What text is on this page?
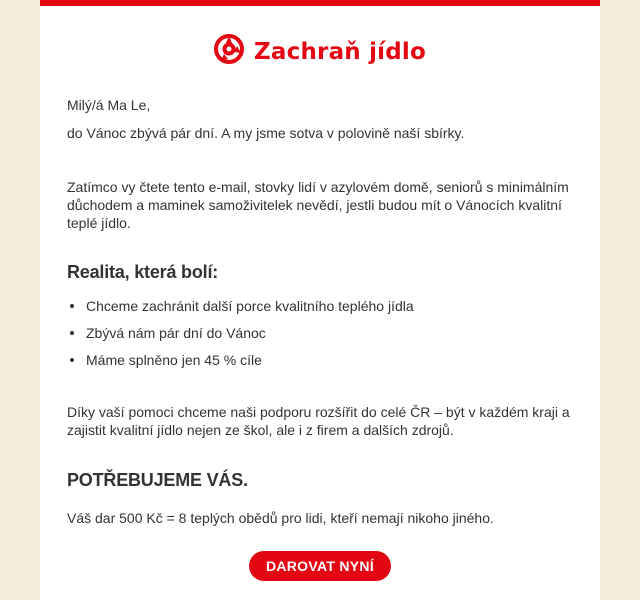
Zachraň jídlo

Milý/á Ma Le,

do Vánoc zbývá pár dní. A my jsme sotva v polovině naší sbírky.

Zatímco vy čtete tento e-mail, stovky lidí v azylovém domě, seniorů s minimálním důchodem a maminek samoživitelek nevědí, jestli budou mít o Vánocích kvalitní teplé jídlo.

Realita, která bolí:
Chceme zachránit další porce kvalitního teplého jídla
Zbývá nám pár dní do Vánoc
Máme splněno jen 45 % cíle

Díky vaší pomoci chceme naši podporu rozšířit do celé ČR – být v každém kraji a zajistit kvalitní jídlo nejen ze škol, ale i z firem a dalších zdrojů.

POTŘEBUJEME VÁS.

Váš dar 500 Kč = 8 teplých obědů pro lidi, kteří nemají nikoho jiného.

DAROVAT NYNÍ
